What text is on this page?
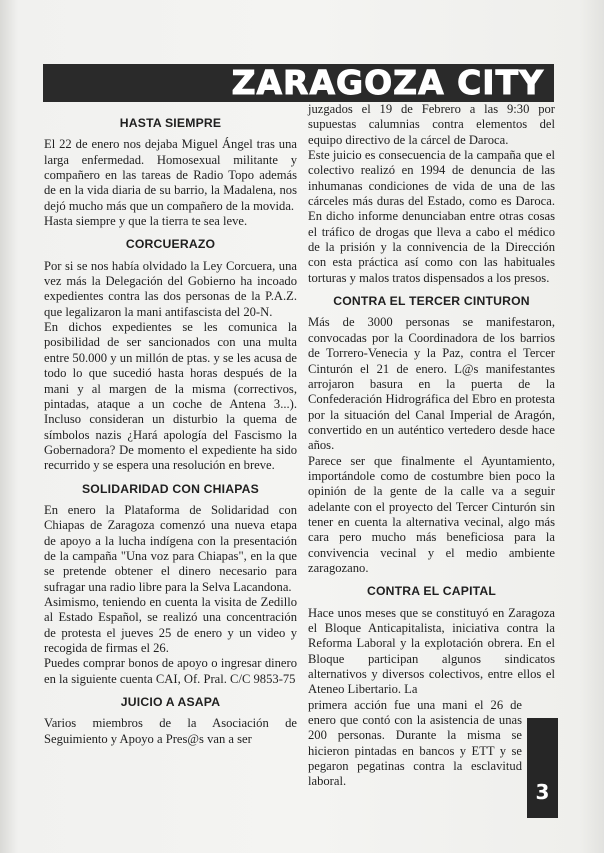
ZARAGOZA CITY
HASTA SIEMPRE

El 22 de enero nos dejaba Miguel Ángel tras una larga enfermedad. Homosexual militante y compañero en las tareas de Radio Topo además de en la vida diaria de su barrio, la Madalena, nos dejó mucho más que un compañero de la movida.

Hasta siempre y que la tierra te sea leve.

CORCUERAZO

Por si se nos había olvidado la Ley Corcuera, una vez más la Delegación del Gobierno ha incoado expedientes contra las dos personas de la P.A.Z. que legalizaron la mani antifascista del 20-N.

En dichos expedientes se les comunica la posibilidad de ser sancionados con una multa entre 50.000 y un millón de ptas. y se les acusa de todo lo que sucedió hasta horas después de la mani y al margen de la misma (correctivos, pintadas, ataque a un coche de Antena 3...). Incluso consideran un disturbio la quema de símbolos nazis ¿Hará apología del Fascismo la Gobernadora? De momento el expediente ha sido recurrido y se espera una resolución en breve.

SOLIDARIDAD CON CHIAPAS

En enero la Plataforma de Solidaridad con Chiapas de Zaragoza comenzó una nueva etapa de apoyo a la lucha indígena con la presentación de la campaña "Una voz para Chiapas", en la que se pretende obtener el dinero necesario para sufragar una radio libre para la Selva Lacandona.

Asimismo, teniendo en cuenta la visita de Zedillo al Estado Español, se realizó una concentración de protesta el jueves 25 de enero y un video y recogida de firmas el 26.

Puedes comprar bonos de apoyo o ingresar dinero en la siguiente cuenta CAI, Of. Pral. C/C 9853-75

JUICIO A ASAPA

Varios miembros de la Asociación de Seguimiento y Apoyo a Pres@s van a ser

juzgados el 19 de Febrero a las 9:30 por supuestas calumnias contra elementos del equipo directivo de la cárcel de Daroca.

Este juicio es consecuencia de la campaña que el colectivo realizó en 1994 de denuncia de las inhumanas condiciones de vida de una de las cárceles más duras del Estado, como es Daroca. En dicho informe denunciaban entre otras cosas el tráfico de drogas que lleva a cabo el médico de la prisión y la connivencia de la Dirección con esta práctica así como con las habituales torturas y malos tratos dispensados a los presos.

CONTRA EL TERCER CINTURON

Más de 3000 personas se manifestaron, convocadas por la Coordinadora de los barrios de Torrero-Venecia y la Paz, contra el Tercer Cinturón el 21 de enero. L@s manifestantes arrojaron basura en la puerta de la Confederación Hidrográfica del Ebro en protesta por la situación del Canal Imperial de Aragón, convertido en un auténtico vertedero desde hace años.

Parece ser que finalmente el Ayuntamiento, importándole como de costumbre bien poco la opinión de la gente de la calle va a seguir adelante con el proyecto del Tercer Cinturón sin tener en cuenta la alternativa vecinal, algo más cara pero mucho más beneficiosa para la convivencia vecinal y el medio ambiente zaragozano.

CONTRA EL CAPITAL

Hace unos meses que se constituyó en Zaragoza el Bloque Anticapitalista, iniciativa contra la Reforma Laboral y la explotación obrera. En el Bloque participan algunos sindicatos alternativos y diversos colectivos, entre ellos el Ateneo Libertario. La

primera acción fue una mani el 26 de enero que contó con la asistencia de unas 200 personas. Durante la misma se hicieron pintadas en bancos y ETT y se pegaron pegatinas contra la esclavitud laboral.	3
